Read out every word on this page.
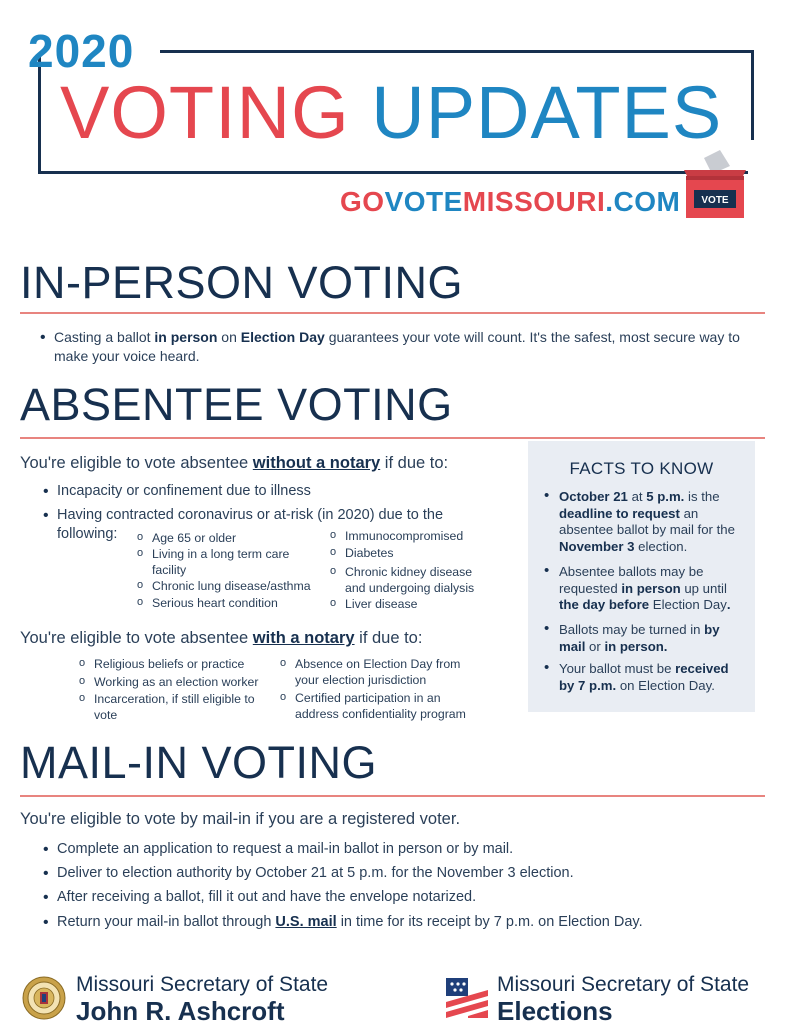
2020
VOTING UPDATES
GOVOTEMISSOURI.COM VOTE
IN-PERSON VOTING
• Casting a ballot in person on Election Day guarantees your vote will count. It's the safest, most secure way to make your voice heard.
ABSENTEE VOTING
You're eligible to vote absentee without a notary if due to:
• Incapacity or confinement due to illness
• Having contracted coronavirus or at-risk (in 2020) due to the following:
o	Age 65 or older
o Living in a long term care facility
o Chronic lung disease/asthma
o Serious heart condition
o Immunocompromised
o Diabetes
o Chronic kidney disease and undergoing dialysis
o Liver disease
You're eligible to vote absentee with a notary if due to:
o Religious beliefs or practice
o Working as an election worker
o Incarceration, if still eligible to vote
o Absence on Election Day from your election jurisdiction
o Certified participation in an address confidentiality program
FACTS TO KNOW
• October 21 at 5 p.m. is the deadline to request an absentee ballot by mail for the November 3 election.
• Absentee ballots may be requested in person up until the day before Election Day.
• Ballots may be turned in by mail or in person.
• Your ballot must be received by 7 p.m. on Election Day.
MAIL-IN VOTING
You're eligible to vote by mail-in if you are a registered voter.
• Complete an application to request a mail-in ballot in person or by mail.
• Deliver to election authority by October 21 at 5 p.m. for the November 3 election.
• After receiving a ballot, fill it out and have the envelope notarized.
• Return your mail-in ballot through U.S. mail in time for its receipt by 7 p.m. on Election Day.
Missouri Secretary of State
John R. Ashcroft
Missouri Secretary of State
Elections
